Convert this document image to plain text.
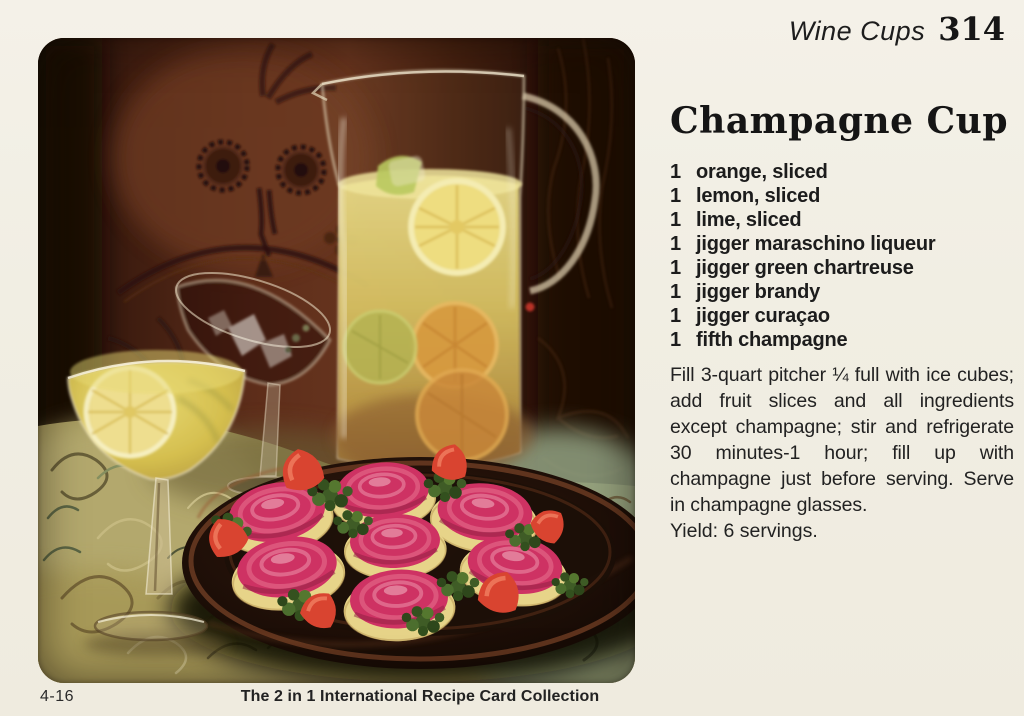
Wine Cups 314
Champagne Cup
1 orange, sliced
1 lemon, sliced
1 lime, sliced
1 jigger maraschino liqueur
1 jigger green chartreuse
1 jigger brandy
1 jigger curaçao
1 fifth champagne

Fill 3-quart pitcher ¼ full with ice cubes; add fruit slices and all ingredients except champagne; stir and refrigerate 30 minutes-1 hour; fill up with champagne just before serving. Serve in champagne glasses.

Yield: 6 servings.

4-16	The 2 in 1 International Recipe Card Collection
